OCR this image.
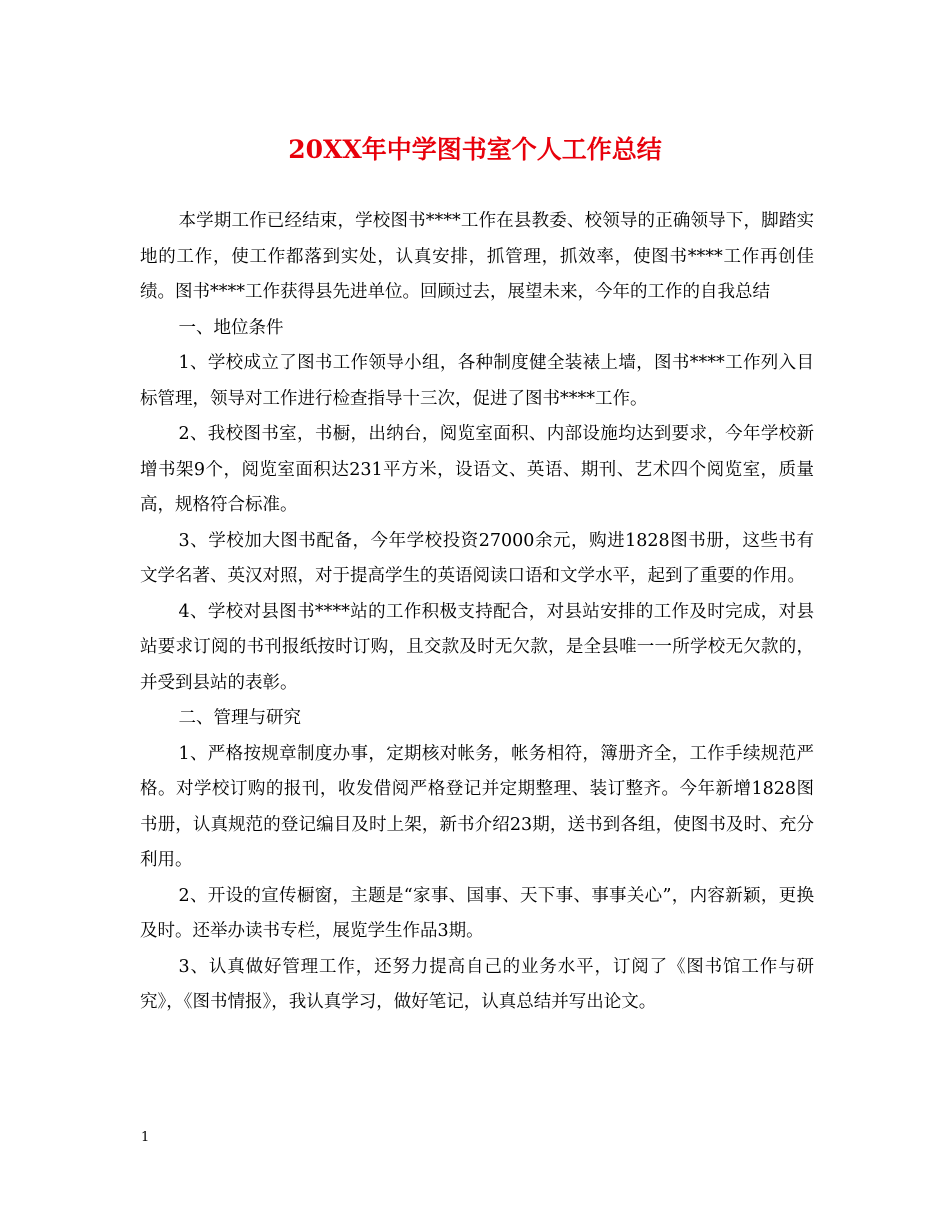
20XX年中学图书室个人工作总结

本学期工作已经结束，学校图书****工作在县教委、校领导的正确领导下，脚踏实地的工作，使工作都落到实处，认真安排，抓管理，抓效率，使图书****工作再创佳绩。图书****工作获得县先进单位。回顾过去，展望未来，今年的工作的自我总结

一、地位条件

1、学校成立了图书工作领导小组，各种制度健全装裱上墙，图书****工作列入目标管理，领导对工作进行检查指导十三次，促进了图书****工作。

2、我校图书室，书橱，出纳台，阅览室面积、内部设施均达到要求，今年学校新增书架9个，阅览室面积达231平方米，设语文、英语、期刊、艺术四个阅览室，质量高，规格符合标准。

3、学校加大图书配备，今年学校投资27000余元，购进1828图书册，这些书有文学名著、英汉对照，对于提高学生的英语阅读口语和文学水平，起到了重要的作用。

4、学校对县图书****站的工作积极支持配合，对县站安排的工作及时完成，对县站要求订阅的书刊报纸按时订购，且交款及时无欠款，是全县唯一一所学校无欠款的，并受到县站的表彰。

二、管理与研究

1、严格按规章制度办事，定期核对帐务，帐务相符，簿册齐全，工作手续规范严格。对学校订购的报刊，收发借阅严格登记并定期整理、装订整齐。今年新增1828图书册，认真规范的登记编目及时上架，新书介绍23期，送书到各组，使图书及时、充分利用。

2、开设的宣传橱窗，主题是“家事、国事、天下事、事事关心”，内容新颖，更换及时。还举办读书专栏，展览学生作品3期。

3、认真做好管理工作，还努力提高自己的业务水平，订阅了《图书馆工作与研究》，《图书情报》，我认真学习，做好笔记，认真总结并写出论文。

1
